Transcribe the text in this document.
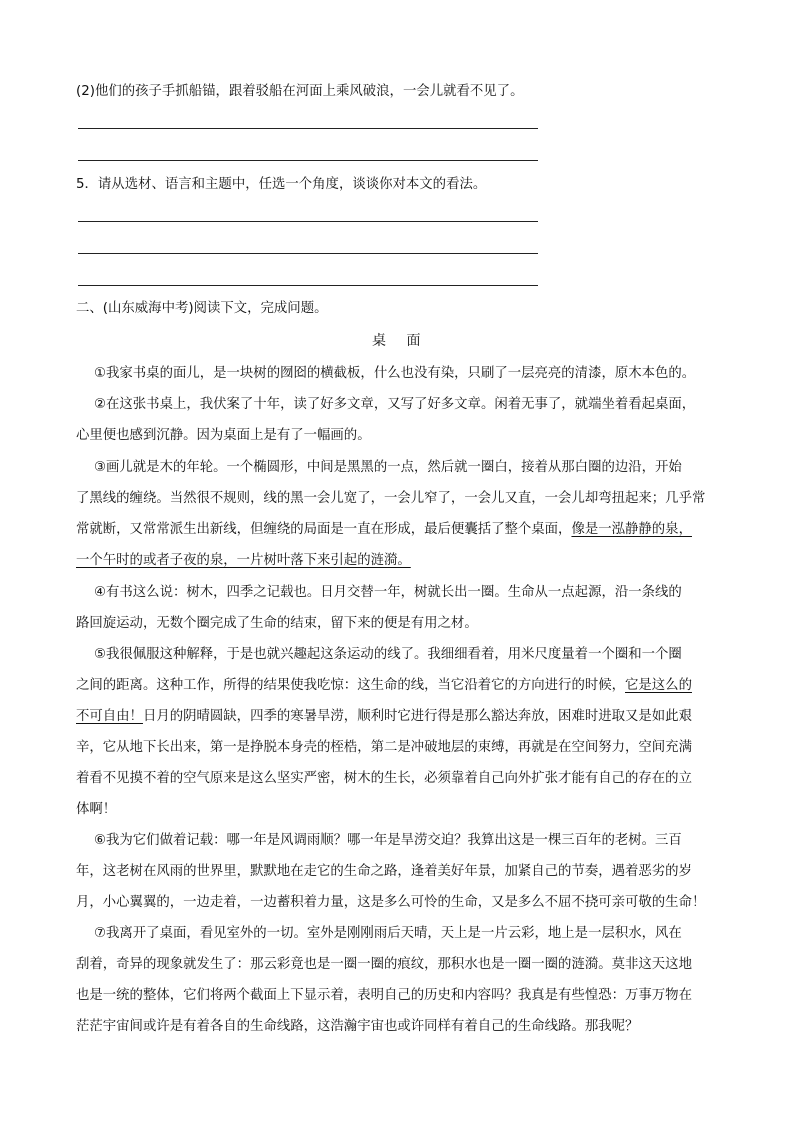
(2)他们的孩子手抓船锚，跟着驳船在河面上乘风破浪，一会儿就看不见了。
5．请从选材、语言和主题中，任选一个角度，谈谈你对本文的看法。
二、(山东威海中考)阅读下文，完成问题。
桌 面
①我家书桌的面儿，是一块树的囫囵的横截板，什么也没有染，只刷了一层亮亮的清漆，原木本色的。
②在这张书桌上，我伏案了十年，读了好多文章，又写了好多文章。闲着无事了，就端坐着看起桌面，
心里便也感到沉静。因为桌面上是有了一幅画的。
③画儿就是木的年轮。一个椭圆形，中间是黑黑的一点，然后就一圈白，接着从那白圈的边沿，开始
了黑线的缠绕。当然很不规则，线的黑一会儿宽了，一会儿窄了，一会儿又直，一会儿却弯扭起来；几乎常
常就断，又常常派生出新线，但缠绕的局面是一直在形成，最后便囊括了整个桌面，像是一泓静静的泉，
一个午时的或者子夜的泉，一片树叶落下来引起的涟漪。
④有书这么说：树木，四季之记载也。日月交替一年，树就长出一圈。生命从一点起源，沿一条线的
路回旋运动，无数个圈完成了生命的结束，留下来的便是有用之材。
⑤我很佩服这种解释，于是也就兴趣起这条运动的线了。我细细看着，用米尺度量着一个圈和一个圈
之间的距离。这种工作，所得的结果使我吃惊：这生命的线，当它沿着它的方向进行的时候，它是这么的
不可自由！日月的阴晴圆缺，四季的寒暑旱涝，顺利时它进行得是那么豁达奔放，困难时进取又是如此艰
辛，它从地下长出来，第一是挣脱本身壳的桎梏，第二是冲破地层的束缚，再就是在空间努力，空间充满
着看不见摸不着的空气原来是这么坚实严密，树木的生长，必须靠着自己向外扩张才能有自己的存在的立
体啊！
⑥我为它们做着记载：哪一年是风调雨顺？哪一年是旱涝交迫？我算出这是一棵三百年的老树。三百
年，这老树在风雨的世界里，默默地在走它的生命之路，逢着美好年景，加紧自己的节奏，遇着恶劣的岁
月，小心翼翼的，一边走着，一边蓄积着力量，这是多么可怜的生命，又是多么不屈不挠可亲可敬的生命！
⑦我离开了桌面，看见室外的一切。室外是刚刚雨后天晴，天上是一片云彩，地上是一层积水，风在
刮着，奇异的现象就发生了：那云彩竟也是一圈一圈的痕纹，那积水也是一圈一圈的涟漪。莫非这天这地
也是一统的整体，它们将两个截面上下显示着，表明自己的历史和内容吗？我真是有些惶恐：万事万物在
茫茫宇宙间或许是有着各自的生命线路，这浩瀚宇宙也或许同样有着自己的生命线路。那我呢？
